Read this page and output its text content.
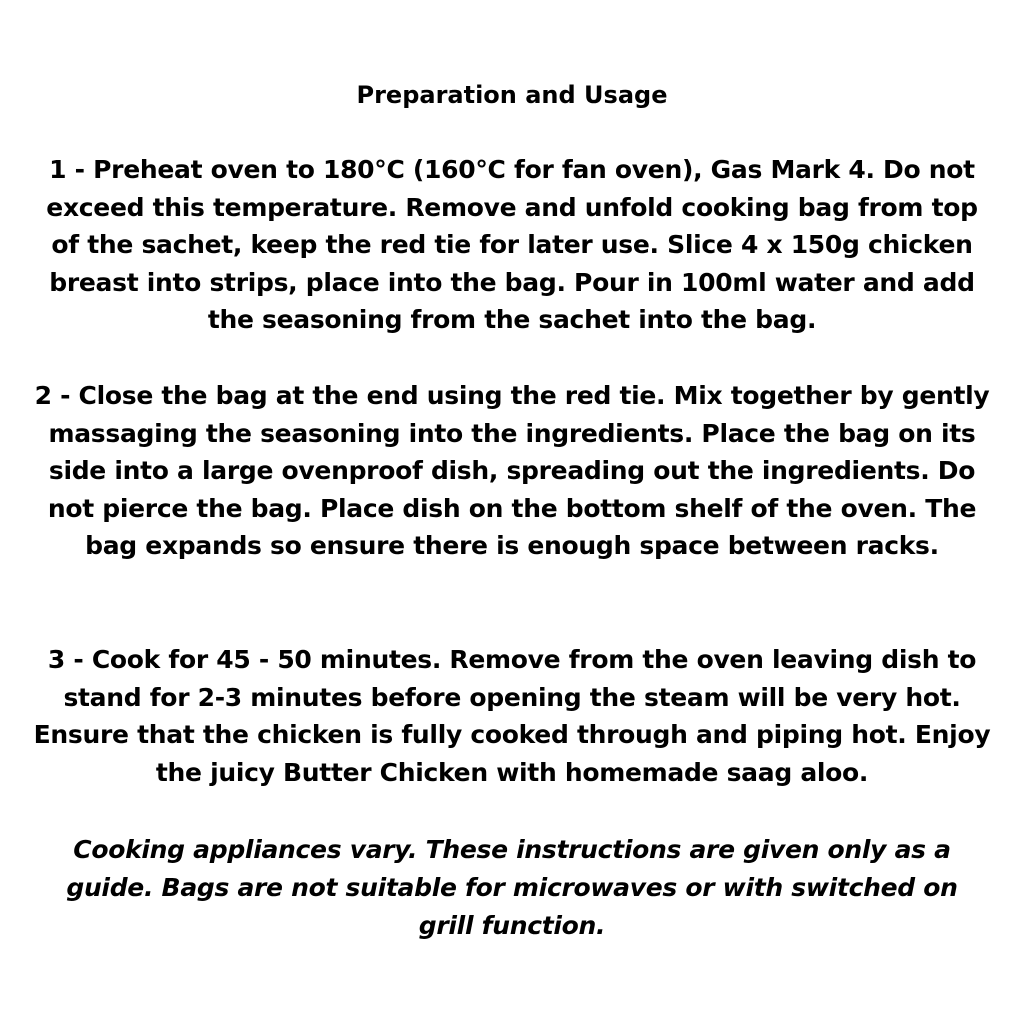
Preparation and Usage

1 - Preheat oven to 180°C (160°C for fan oven), Gas Mark 4. Do not exceed this temperature. Remove and unfold cooking bag from top of the sachet, keep the red tie for later use. Slice 4 x 150g chicken breast into strips, place into the bag. Pour in 100ml water and add the seasoning from the sachet into the bag.

2 - Close the bag at the end using the red tie. Mix together by gently massaging the seasoning into the ingredients. Place the bag on its side into a large ovenproof dish, spreading out the ingredients. Do not pierce the bag. Place dish on the bottom shelf of the oven. The bag expands so ensure there is enough space between racks.

3 - Cook for 45 - 50 minutes. Remove from the oven leaving dish to stand for 2-3 minutes before opening the steam will be very hot. Ensure that the chicken is fully cooked through and piping hot. Enjoy the juicy Butter Chicken with homemade saag aloo.

Cooking appliances vary. These instructions are given only as a guide. Bags are not suitable for microwaves or with switched on grill function.
